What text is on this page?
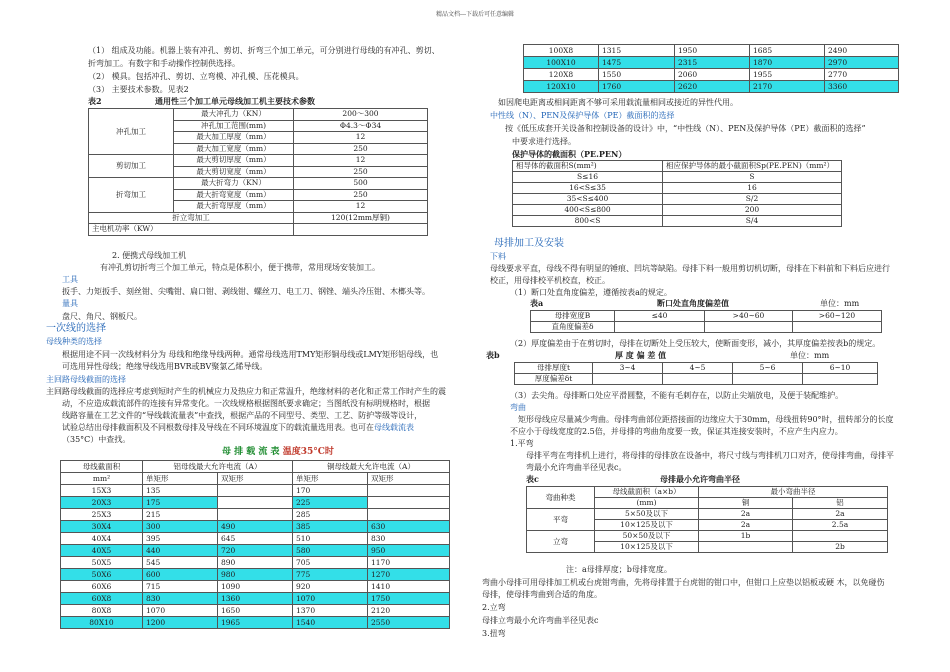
精品文档---下载后可任意编辑
（1） 组成及功能。机器上装有冲孔、剪切、折弯三个加工单元，可分别进行母线的有冲孔、剪切、
折弯加工。有数字和手动操作控制供选择。
（2） 模具。包括冲孔、剪切、立弯模、冲孔模、压花模具。
（3） 主要技术参数。见表2
表2	通用性三个加工单元母线加工机主要技术参数
冲孔加工	最大冲孔力（KN）	200～300
	冲孔加工范围(mm)	Φ4.3～Φ34
	最大加工厚度（mm）	12
	最大加工宽度（mm）	250
剪切加工	最大剪切厚度（mm）	12
	最大剪切宽度（mm）	250
折弯加工	最大折弯力（KN）	500
	最大折弯宽度（mm）	250
	最大折弯厚度（mm）	12
折立弯加工		120(12mm厚铜)
主电机功率（KW）		
2. 便携式母线加工机
有冲孔剪切折弯三个加工单元，特点是体积小，便于携带，常用现场安装加工。
工具
扳手、力矩扳手、刻丝钳、尖嘴钳、扁口钳、剥线钳、螺丝刀、电工刀、钢锉、端头冷压钳、木榔头等。
量具
盘尺、角尺、钢板尺。
一次线的选择
母线种类的选择
根据用途不同一次线材料分为 母线和绝缘导线两种。通常母线选用TMY矩形铜母线或LMY矩形铝母线，也
可选用异性母线；绝缘导线选用BVR或BV聚氯乙烯导线。
主回路母线截面的选择
主回路母线截面的选择应考虑到短时产生的机械应力及热应力和正常温升，绝缘材料的老化和正常工作时产生的震
动，不应造成载流部件的连接有异常变化。一次线规格根据图纸要求确定；当图纸没有标明规格时，根据
线路容量在工艺文件的“导线载流量表”中查找，根据产品的不同型号、类型、工艺、防护等级等设计，
试验总结出母排截面积及不同根数母排及导线在不同环境温度下的载流量选用表。也可在母线载流表
（35°C）中查找。
母 排 载 流 表 温度35°C时
母线截面积	铝母线最大允许电流（A）		铜母线最大允许电流（A）	
mm²	单矩形	双矩形	单矩形	双矩形
15X3	135		170	
20X3	175		225	
25X3	215		285	
30X4	300	490	385	630
40X4	395	645	510	830
40X5	440	720	580	950
50X5	545	890	705	1170
50X6	600	980	775	1270
60X6	715	1090	920	1410
60X8	830	1360	1070	1750
80X8	1070	1650	1370	2120
80X10	1200	1965	1540	2550
100X8	1315	1950	1685	2490
100X10	1475	2315	1870	2970
120X8	1550	2060	1955	2770
120X10	1760	2620	2170	3360
如因爬电距离或相间距离不够可采用载流量相同或接近的异性代用。
中性线（N）、PEN及保护导体（PE）截面积的选择
按《低压成套开关设备和控制设备的设计》中，“中性线（N）、PEN及保护导体（PE）截面积的选择”
中要求进行选择。
保护导体的截面积（PE.PEN）
相导体的截面积S(mm²)	相应保护导体的最小截面积Sp(PE.PEN)（mm²）
S≤16	S
16<S≤35	16
35<S≤400	S/2
400<S≤800	200
800<S	S/4
母排加工及安装
下料
母线要求平直，母线不得有明显的锤痕、凹坑等缺陷。母排下料一般用剪切机切断，母排在下料前和下料后应进行
校正，用母排校平机校直，校正。
（1）断口处直角度偏差，遵循按表a的规定。
表a	断口处直角度偏差值	单位：mm
母排宽度B	≤40	>40~60	>60~120
直角度偏差δ			
（2）厚度偏差由于在剪切时，母排在切断处上受压较大，使断面变形，减小，其厚度偏差按表b的规定。
表b	厚 度 偏 差 值	单位：mm
母排厚度t	3~4	4~5	5~6	6~10
厚度偏差δt				
（3）去尖角。母排断口处应平滑圆整，不能有毛刺存在，以防止尖端放电，及便于装配维护。
弯曲
矩形母线应尽量减少弯曲。母排弯曲部位距搭接面的边缘应大于30mm，母线扭转90°时，扭转部分的长度
不应小于母线宽度的2.5倍，并母排的弯曲角度要一致，保证其连接安装时，不应产生内应力。
1.平弯
母排平弯在弯排机上进行，将母排的母排放在设备中，将尺寸线与弯排机刀口对齐，使母排弯曲，母排平
弯最小允许弯曲半径见表c。
表c	母排最小允许弯曲半径
弯曲种类	母线截面积（a×b）	最小弯曲半径	
	(mm)	铜	铝
平弯	5×50及以下	2a	2a
	10×125及以下	2a	2.5a
立弯	50×50及以下	1b	
	10×125及以下		2b
注：a母排厚度；b母排宽度。
弯曲小母排可用母排加工机或台虎钳弯曲，先将母排置于台虎钳的钳口中，但钳口上应垫以铝板或硬 木，以免碰伤
母排，使母排弯曲到合适的角度。
2.立弯
母排立弯最小允许弯曲半径见表c
3.扭弯
